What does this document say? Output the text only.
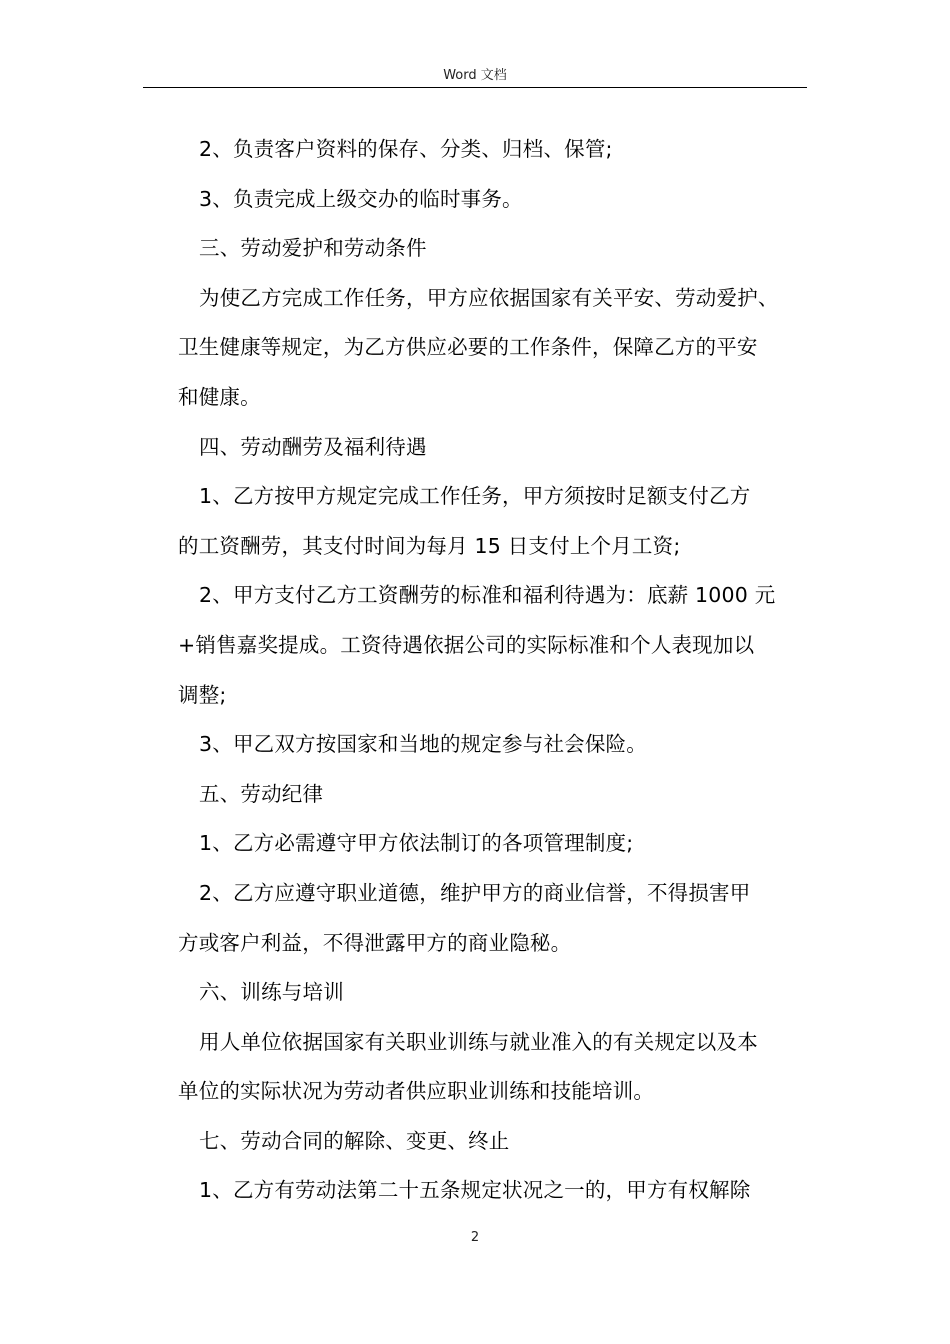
Word 文档
2、负责客户资料的保存、分类、归档、保管;
3、负责完成上级交办的临时事务。
三、劳动爱护和劳动条件
为使乙方完成工作任务，甲方应依据国家有关平安、劳动爱护、
卫生健康等规定，为乙方供应必要的工作条件，保障乙方的平安
和健康。
四、劳动酬劳及福利待遇
1、乙方按甲方规定完成工作任务，甲方须按时足额支付乙方
的工资酬劳，其支付时间为每月 15 日支付上个月工资;
2、甲方支付乙方工资酬劳的标准和福利待遇为：底薪 1000 元
+销售嘉奖提成。工资待遇依据公司的实际标准和个人表现加以
调整;
3、甲乙双方按国家和当地的规定参与社会保险。
五、劳动纪律
1、乙方必需遵守甲方依法制订的各项管理制度;
2、乙方应遵守职业道德，维护甲方的商业信誉，不得损害甲
方或客户利益，不得泄露甲方的商业隐秘。
六、训练与培训
用人单位依据国家有关职业训练与就业准入的有关规定以及本
单位的实际状况为劳动者供应职业训练和技能培训。
七、劳动合同的解除、变更、终止
1、乙方有劳动法第二十五条规定状况之一的，甲方有权解除
2
